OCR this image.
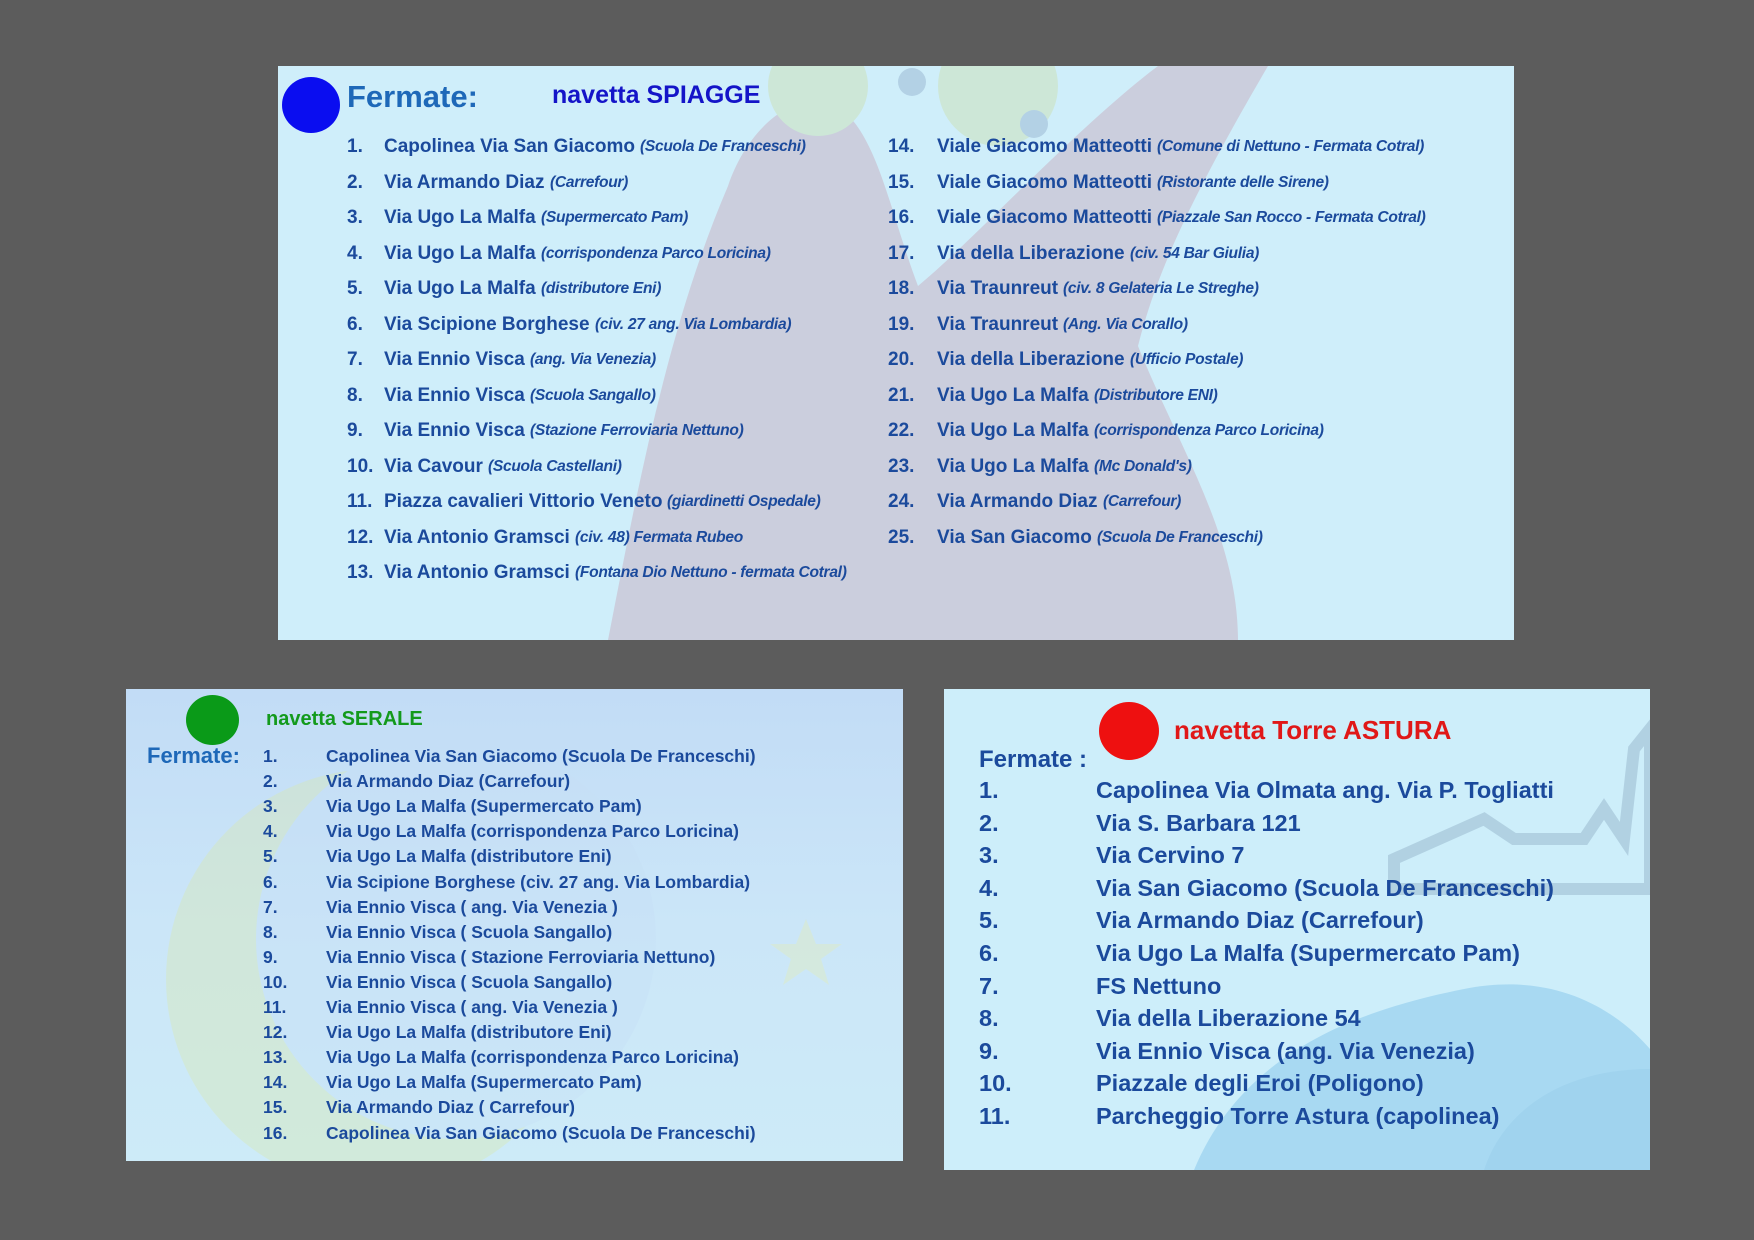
Fermate:	navetta SPIAGGE
1. Capolinea Via San Giacomo (Scuola De Franceschi)
2. Via Armando Diaz (Carrefour)
3. Via Ugo La Malfa (Supermercato Pam)
4. Via Ugo La Malfa (corrispondenza Parco Loricina)
5. Via Ugo La Malfa (distributore Eni)
6. Via Scipione Borghese (civ. 27 ang. Via Lombardia)
7. Via Ennio Visca (ang. Via Venezia)
8. Via Ennio Visca (Scuola Sangallo)
9. Via Ennio Visca (Stazione Ferroviaria Nettuno)
10. Via Cavour (Scuola Castellani)
11. Piazza cavalieri Vittorio Veneto (giardinetti Ospedale)
12. Via Antonio Gramsci (civ. 48) Fermata Rubeo
13. Via Antonio Gramsci (Fontana Dio Nettuno - fermata Cotral)
14. Viale Giacomo Matteotti (Comune di Nettuno - Fermata Cotral)
15. Viale Giacomo Matteotti (Ristorante delle Sirene)
16. Viale Giacomo Matteotti (Piazzale San Rocco - Fermata Cotral)
17. Via della Liberazione (civ. 54 Bar Giulia)
18. Via Traunreut (civ. 8 Gelateria Le Streghe)
19. Via Traunreut (Ang. Via Corallo)
20. Via della Liberazione (Ufficio Postale)
21. Via Ugo La Malfa (Distributore ENI)
22. Via Ugo La Malfa (corrispondenza Parco Loricina)
23. Via Ugo La Malfa (Mc Donald's)
24. Via Armando Diaz (Carrefour)
25. Via San Giacomo (Scuola De Franceschi)
navetta SERALE
Fermate: 1.	Capolinea Via San Giacomo (Scuola De Franceschi)
2.	Via Armando Diaz (Carrefour)
3.	Via Ugo La Malfa (Supermercato Pam)
4.	Via Ugo La Malfa (corrispondenza Parco Loricina)
5.	Via Ugo La Malfa (distributore Eni)
6.	Via Scipione Borghese (civ. 27 ang. Via Lombardia)
7.	Via Ennio Visca ( ang. Via Venezia )
8.	Via Ennio Visca ( Scuola Sangallo)
9.	Via Ennio Visca ( Stazione Ferroviaria Nettuno)
10. Via Ennio Visca ( Scuola Sangallo)
11. Via Ennio Visca ( ang. Via Venezia )
12. Via Ugo La Malfa (distributore Eni)
13. Via Ugo La Malfa (corrispondenza Parco Loricina)
14. Via Ugo La Malfa (Supermercato Pam)
15. Via Armando Diaz ( Carrefour)
16. Capolinea Via San Giacomo (Scuola De Franceschi)
navetta Torre ASTURA
Fermate :
1.	Capolinea Via Olmata ang. Via P. Togliatti
2.	Via S. Barbara 121
3.	Via Cervino 7
4.	Via San Giacomo (Scuola De Franceschi)
5.	Via Armando Diaz (Carrefour)
6.	Via Ugo La Malfa (Supermercato Pam)
7.	FS Nettuno
8.	Via della Liberazione 54
9.	Via Ennio Visca (ang. Via Venezia)
10.	Piazzale degli Eroi (Poligono)
11.	Parcheggio Torre Astura (capolinea)
